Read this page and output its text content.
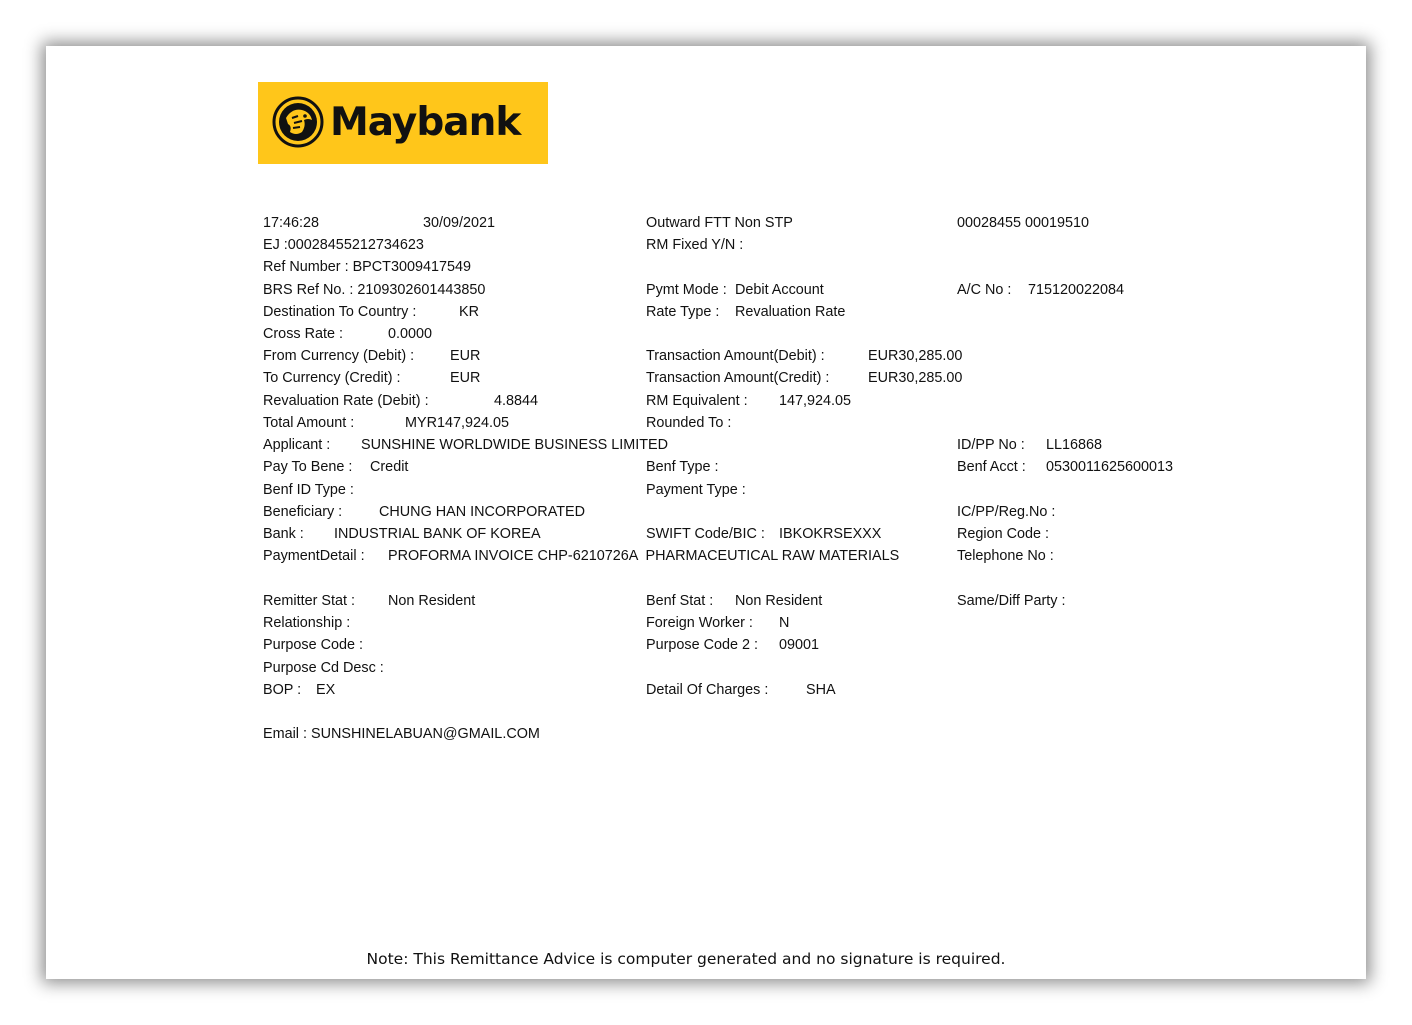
Maybank
17:46:28	30/09/2021	Outward FTT Non STP	00028455 00019510
EJ :00028455212734623	RM Fixed Y/N :
Ref Number : BPCT3009417549
BRS Ref No. : 2109302601443850	Pymt Mode : Debit Account	A/C No : 715120022084
Destination To Country :	KR	Rate Type : Revaluation Rate
Cross Rate :	0.0000
From Currency (Debit) : EUR	Transaction Amount(Debit) :	EUR30,285.00
To Currency (Credit) :	EUR	Transaction Amount(Credit) :	EUR30,285.00
Revaluation Rate (Debit) :	4.8844	RM Equivalent : 147,924.05
Total Amount :	MYR147,924.05	Rounded To :
Applicant : SUNSHINE WORLDWIDE BUSINESS LIMITED	ID/PP No : LL16868
Pay To Bene : Credit	Benf Type :	Benf Acct : 0530011625600013
Benf ID Type :	Payment Type :
Beneficiary :	CHUNG HAN INCORPORATED	IC/PP/Reg.No :
Bank : INDUSTRIAL BANK OF KOREA	SWIFT Code/BIC : IBKOKRSEXXX	Region Code :
PaymentDetail : PROFORMA INVOICE CHP-6210726A  PHARMACEUTICAL RAW MATERIALS	Telephone No :
Remitter Stat : Non Resident	Benf Stat : Non Resident	Same/Diff Party :
Relationship :	Foreign Worker : N
Purpose Code :	Purpose Code 2 : 09001
Purpose Cd Desc :
BOP : EX	Detail Of Charges :	SHA
Email : SUNSHINELABUAN@GMAIL.COM
Note: This Remittance Advice is computer generated and no signature is required.
